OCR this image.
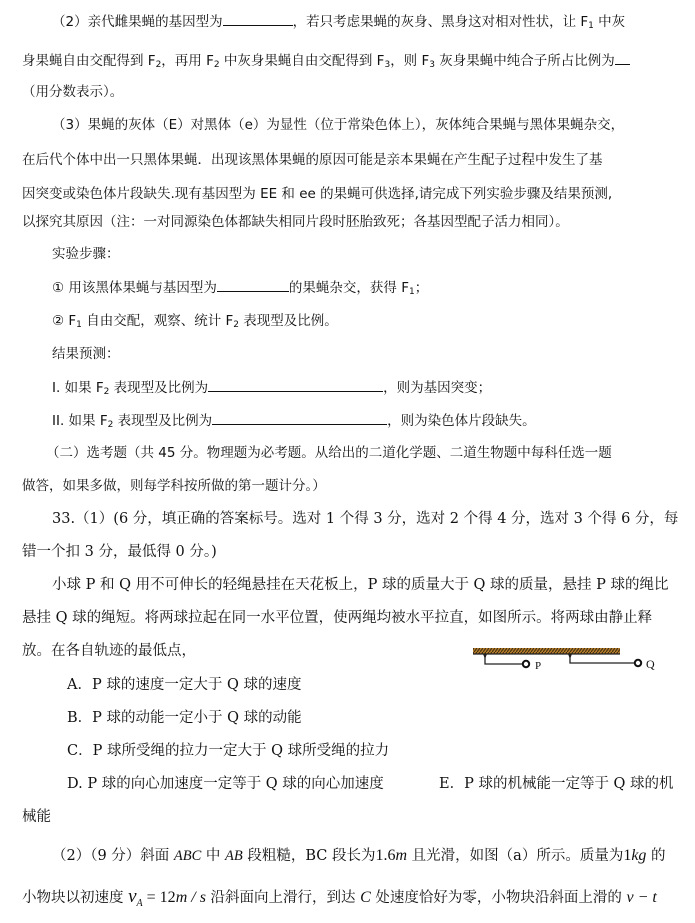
（2）亲代雌果蝇的基因型为	，若只考虑果蝇的灰身、黑身这对相对性状，让 $F_1$ 中灰
身果蝇自由交配得到 $F_2$，再用 $F_2$ 中灰身果蝇自由交配得到 $F_3$，则 $F_3$ 灰身果蝇中纯合子所占比例为
（用分数表示）。
（3）果蝇的灰体（E）对黑体（e）为显性（位于常染色体上），灰体纯合果蝇与黑体果蝇杂交，
在后代个体中出一只黑体果蝇．出现该黑体果蝇的原因可能是亲本果蝇在产生配子过程中发生了基
因突变或染色体片段缺失.现有基因型为 EE 和 ee 的果蝇可供选择,请完成下列实验步骤及结果预测,
以探究其原因（注：一对同源染色体都缺失相同片段时胚胎致死；各基因型配子活力相同）。
实验步骤：
① 用该黑体果蝇与基因型为	的果蝇杂交，获得 $F_1$；
② $F_1$ 自由交配，观察、统计 $F_2$ 表现型及比例。
结果预测：
I. 如果 $F_2$ 表现型及比例为	，则为基因突变；
II. 如果 $F_2$ 表现型及比例为	，则为染色体片段缺失。
（二）选考题（共 45 分。物理题为必考题。从给出的二道化学题、二道生物题中每科任选一题
做答，如果多做，则每学科按所做的第一题计分。）
33.（1）(6 分，填正确的答案标号。选对 1 个得 3 分，选对 2 个得 4 分，选对 3 个得 6 分，每
错一个扣 3 分，最低得 0 分。)
小球 P 和 Q 用不可伸长的轻绳悬挂在天花板上，P 球的质量大于 Q 球的质量，悬挂 P 球的绳比
悬挂 Q 球的绳短。将两球拉起在同一水平位置，使两绳均被水平拉直，如图所示。将两球由静止释
放。在各自轨迹的最低点，
P	Q
A．P 球的速度一定大于 Q 球的速度
B．P 球的动能一定小于 Q 球的动能
C．P 球所受绳的拉力一定大于 Q 球所受绳的拉力
D. P 球的向心加速度一定等于 Q 球的向心加速度	E．P 球的机械能一定等于 Q 球的机
械能
（2）（9 分）斜面 ABC 中 AB 段粗糙，BC 段长为1.6m 且光滑，如图（a）所示。质量为1kg 的
小物块以初速度 $v_A = 12m / s$ 沿斜面向上滑行，到达 C 处速度恰好为零，小物块沿斜面上滑的 v − t
